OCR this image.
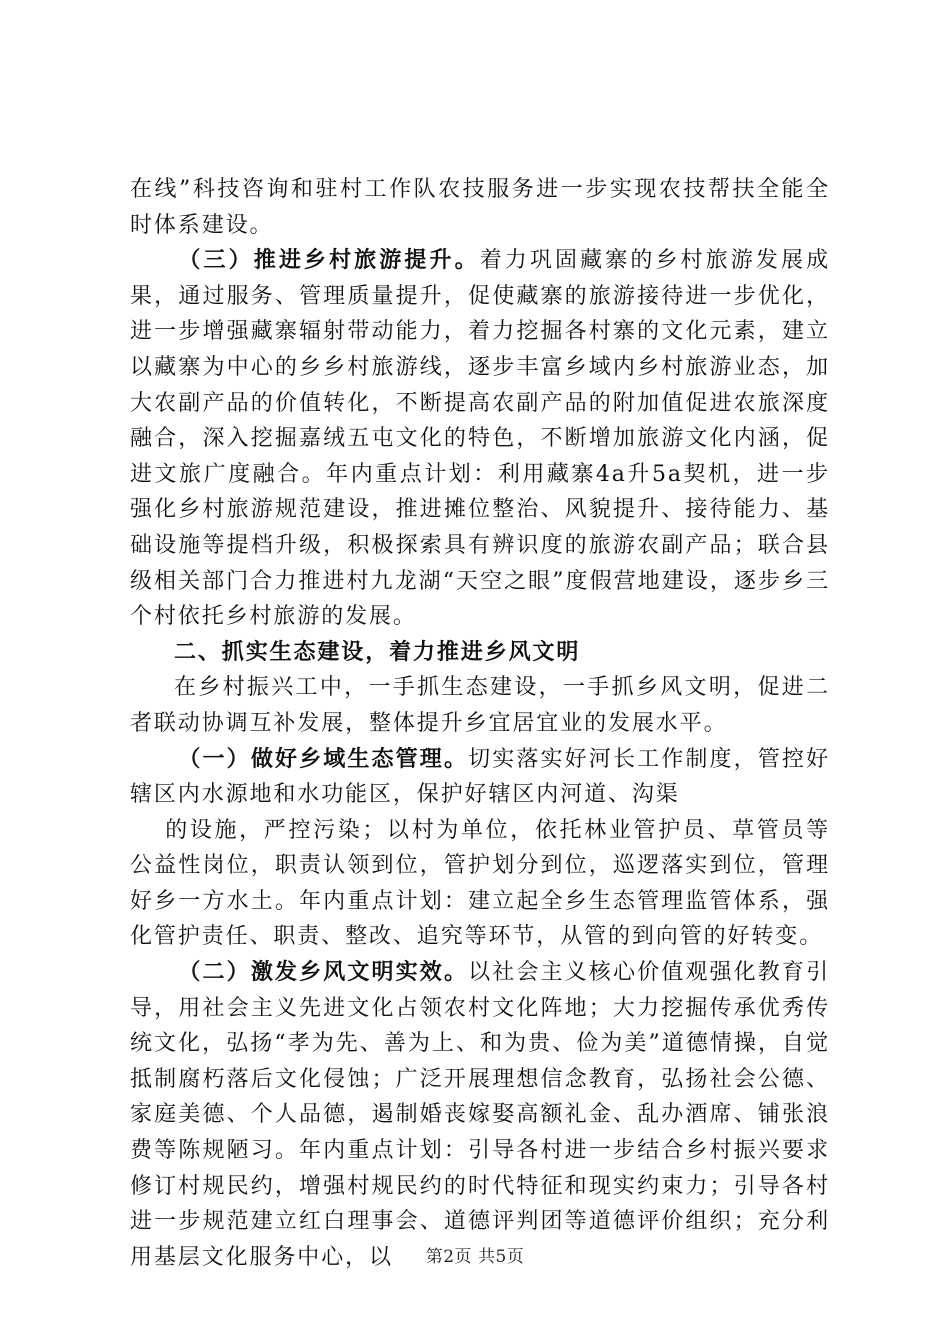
在线”科技咨询和驻村工作队农技服务进一步实现农技帮扶全能全时体系建设。

（三）推进乡村旅游提升。着力巩固藏寨的乡村旅游发展成果，通过服务、管理质量提升，促使藏寨的旅游接待进一步优化，进一步增强藏寨辐射带动能力，着力挖掘各村寨的文化元素，建立以藏寨为中心的乡乡村旅游线，逐步丰富乡域内乡村旅游业态，加大农副产品的价值转化，不断提高农副产品的附加值促进农旅深度融合，深入挖掘嘉绒五屯文化的特色，不断增加旅游文化内涵，促进文旅广度融合。年内重点计划：利用藏寨4a升5a契机，进一步强化乡村旅游规范建设，推进摊位整治、风貌提升、接待能力、基础设施等提档升级，积极探索具有辨识度的旅游农副产品；联合县级相关部门合力推进村九龙湖“天空之眼”度假营地建设，逐步乡三个村依托乡村旅游的发展。

二、抓实生态建设，着力推进乡风文明

在乡村振兴工中，一手抓生态建设，一手抓乡风文明，促进二者联动协调互补发展，整体提升乡宜居宜业的发展水平。

（一）做好乡域生态管理。切实落实好河长工作制度，管控好辖区内水源地和水功能区，保护好辖区内河道、沟渠

的设施，严控污染；以村为单位，依托林业管护员、草管员等公益性岗位，职责认领到位，管护划分到位，巡逻落实到位，管理好乡一方水土。年内重点计划：建立起全乡生态管理监管体系，强化管护责任、职责、整改、追究等环节，从管的到向管的好转变。

（二）激发乡风文明实效。以社会主义核心价值观强化教育引导，用社会主义先进文化占领农村文化阵地；大力挖掘传承优秀传统文化，弘扬“孝为先、善为上、和为贵、俭为美”道德情操，自觉抵制腐朽落后文化侵蚀；广泛开展理想信念教育，弘扬社会公德、家庭美德、个人品德，遏制婚丧嫁娶高额礼金、乱办酒席、铺张浪费等陈规陋习。年内重点计划：引导各村进一步结合乡村振兴要求修订村规民约，增强村规民约的时代特征和现实约束力；引导各村进一步规范建立红白理事会、道德评判团等道德评价组织；充分利用基层文化服务中心，以	第2页 共5页
